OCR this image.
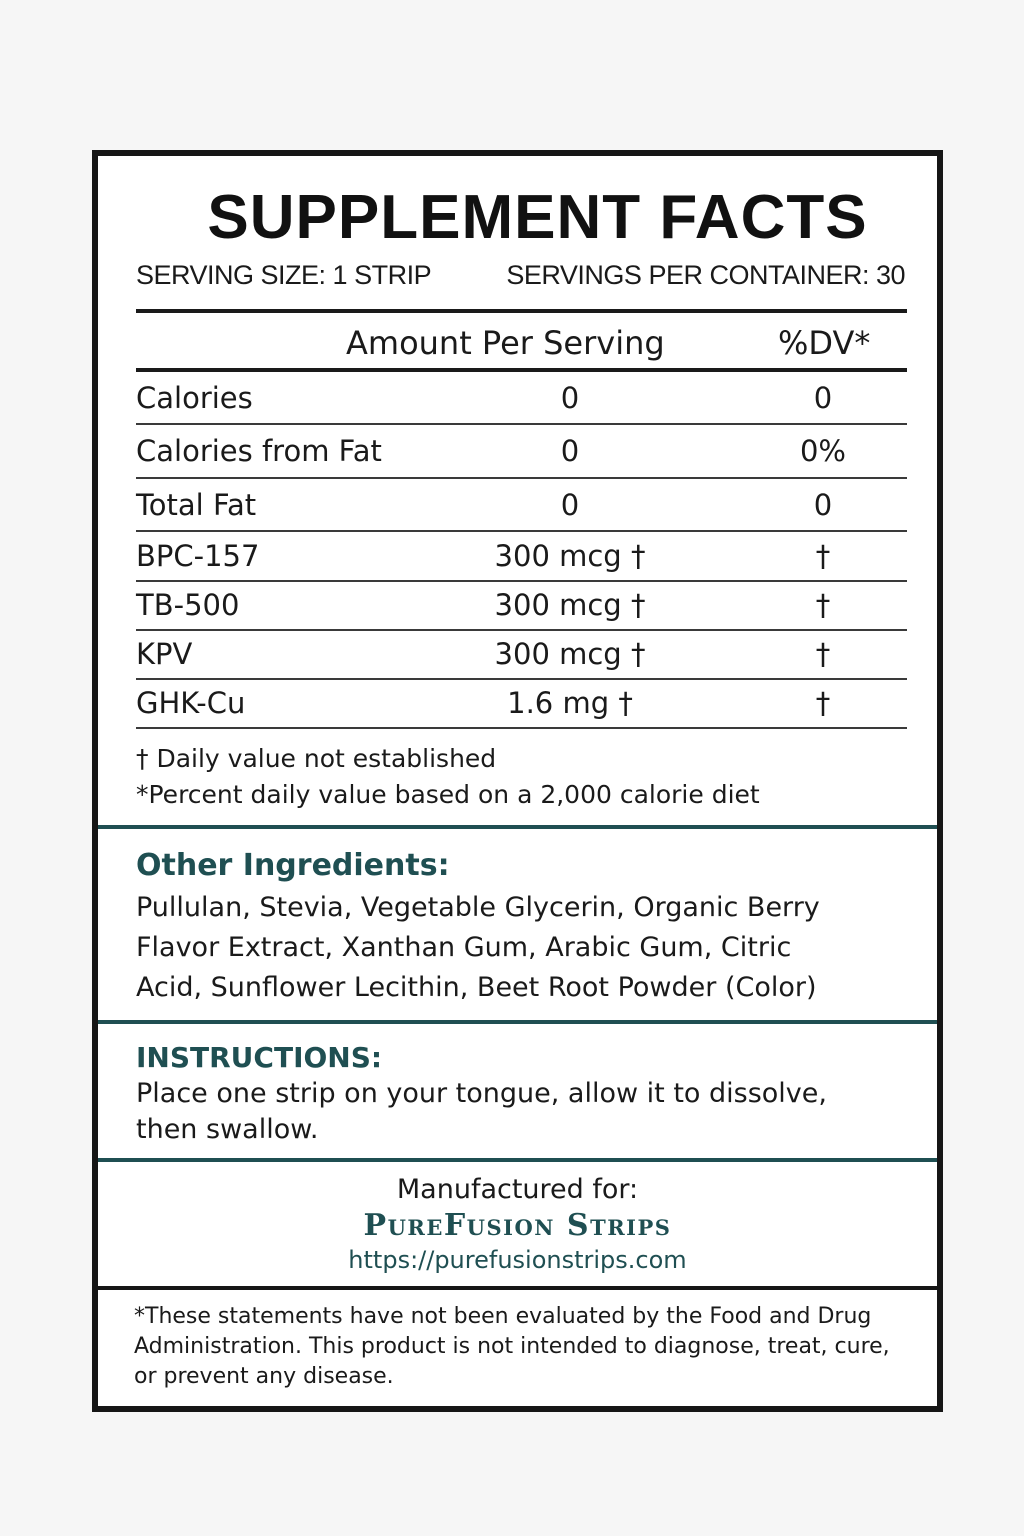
SUPPLEMENT FACTS
SERVING SIZE: 1 STRIP	SERVINGS PER CONTAINER: 30
Amount Per Serving	%DV*
Calories	0	0
Calories from Fat	0	0%
Total Fat	0	0
BPC-157	300 mcg †	†
TB-500	300 mcg †	†
KPV	300 mcg †	†
GHK-Cu	1.6 mg †	†
† Daily value not established
*Percent daily value based on a 2,000 calorie diet
Other Ingredients:
Pullulan, Stevia, Vegetable Glycerin, Organic Berry Flavor Extract, Xanthan Gum, Arabic Gum, Citric Acid, Sunflower Lecithin, Beet Root Powder (Color)
INSTRUCTIONS:
Place one strip on your tongue, allow it to dissolve, then swallow.
Manufactured for:
PureFusion Strips
https://purefusionstrips.com
*These statements have not been evaluated by the Food and Drug Administration. This product is not intended to diagnose, treat, cure, or prevent any disease.
